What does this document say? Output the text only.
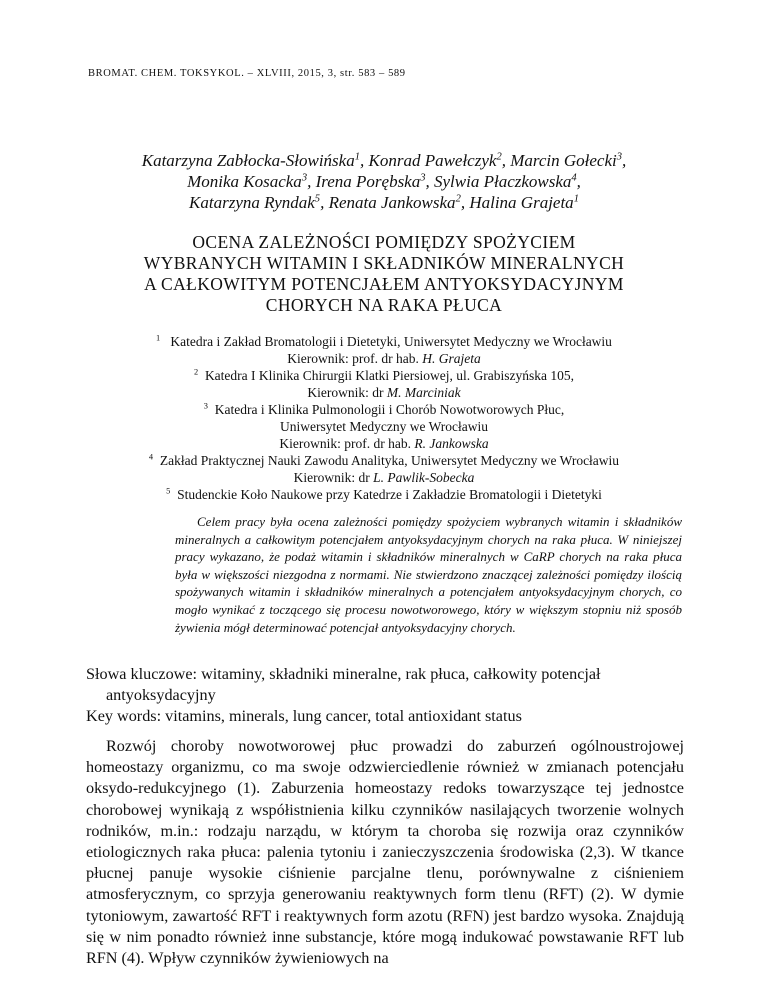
BROMAT. CHEM. TOKSYKOL. – XLVIII, 2015, 3, str. 583 – 589
Katarzyna Zabłocka-Słowińska$^1$, Konrad Pawełczyk$^2$, Marcin Gołecki$^3$,
Monika Kosacka$^3$, Irena Porębska$^3$, Sylwia Płaczkowska$^4$,
Katarzyna Ryndak$^5$, Renata Jankowska$^2$, Halina Grajeta$^1$
OCENA ZALEŻNOŚCI POMIĘDZY SPOŻYCIEM
WYBRANYCH WITAMIN I SKŁADNIKÓW MINERALNYCH
A CAŁKOWITYM POTENCJAŁEM ANTYOKSYDACYJNYM
CHORYCH NA RAKA PŁUCA
$^1$ Katedra i Zakład Bromatologii i Dietetyki, Uniwersytet Medyczny we Wrocławiu
Kierownik: prof. dr hab. H. Grajeta
$^2$ Katedra I Klinika Chirurgii Klatki Piersiowej, ul. Grabiszyńska 105,
Kierownik: dr M. Marciniak
$^3$ Katedra i Klinika Pulmonologii i Chorób Nowotworowych Płuc,
Uniwersytet Medyczny we Wrocławiu
Kierownik: prof. dr hab. R. Jankowska
$^4$ Zakład Praktycznej Nauki Zawodu Analityka, Uniwersytet Medyczny we Wrocławiu
Kierownik: dr L. Pawlik-Sobecka
$^5$ Studenckie Koło Naukowe przy Katedrze i Zakładzie Bromatologii i Dietetyki

Celem pracy była ocena zależności pomiędzy spożyciem wybranych witamin i składników mineralnych a całkowitym potencjałem antyoksydacyjnym chorych na raka płuca. W niniejszej pracy wykazano, że podaż witamin i składników mineralnych w CaRP chorych na raka płuca była w większości niezgodna z normami. Nie stwierdzono znaczącej zależności pomiędzy ilością spożywanych witamin i składników mineralnych a potencjałem antyoksydacyjnym chorych, co mogło wynikać z toczącego się procesu nowotworowego, który w większym stopniu niż sposób żywienia mógł determinować potencjał antyoksydacyjny chorych.

Słowa kluczowe: witaminy, składniki mineralne, rak płuca, całkowity potencjał antyoksydacyjny

Key words: vitamins, minerals, lung cancer, total antioxidant status

Rozwój choroby nowotworowej płuc prowadzi do zaburzeń ogólnoustrojowej homeostazy organizmu, co ma swoje odzwierciedlenie również w zmianach potencjału oksydo-redukcyjnego (1). Zaburzenia homeostazy redoks towarzyszące tej jednostce chorobowej wynikają z współistnienia kilku czynników nasilających tworzenie wolnych rodników, m.in.: rodzaju narządu, w którym ta choroba się rozwija oraz czynników etiologicznych raka płuca: palenia tytoniu i zanieczyszczenia środowiska (2,3). W tkance płucnej panuje wysokie ciśnienie parcjalne tlenu, porównywalne z ciśnieniem atmosferycznym, co sprzyja generowaniu reaktywnych form tlenu (RFT) (2). W dymie tytoniowym, zawartość RFT i reaktywnych form azotu (RFN) jest bardzo wysoka. Znajdują się w nim ponadto również inne substancje, które mogą indukować powstawanie RFT lub RFN (4). Wpływ czynników żywieniowych na
